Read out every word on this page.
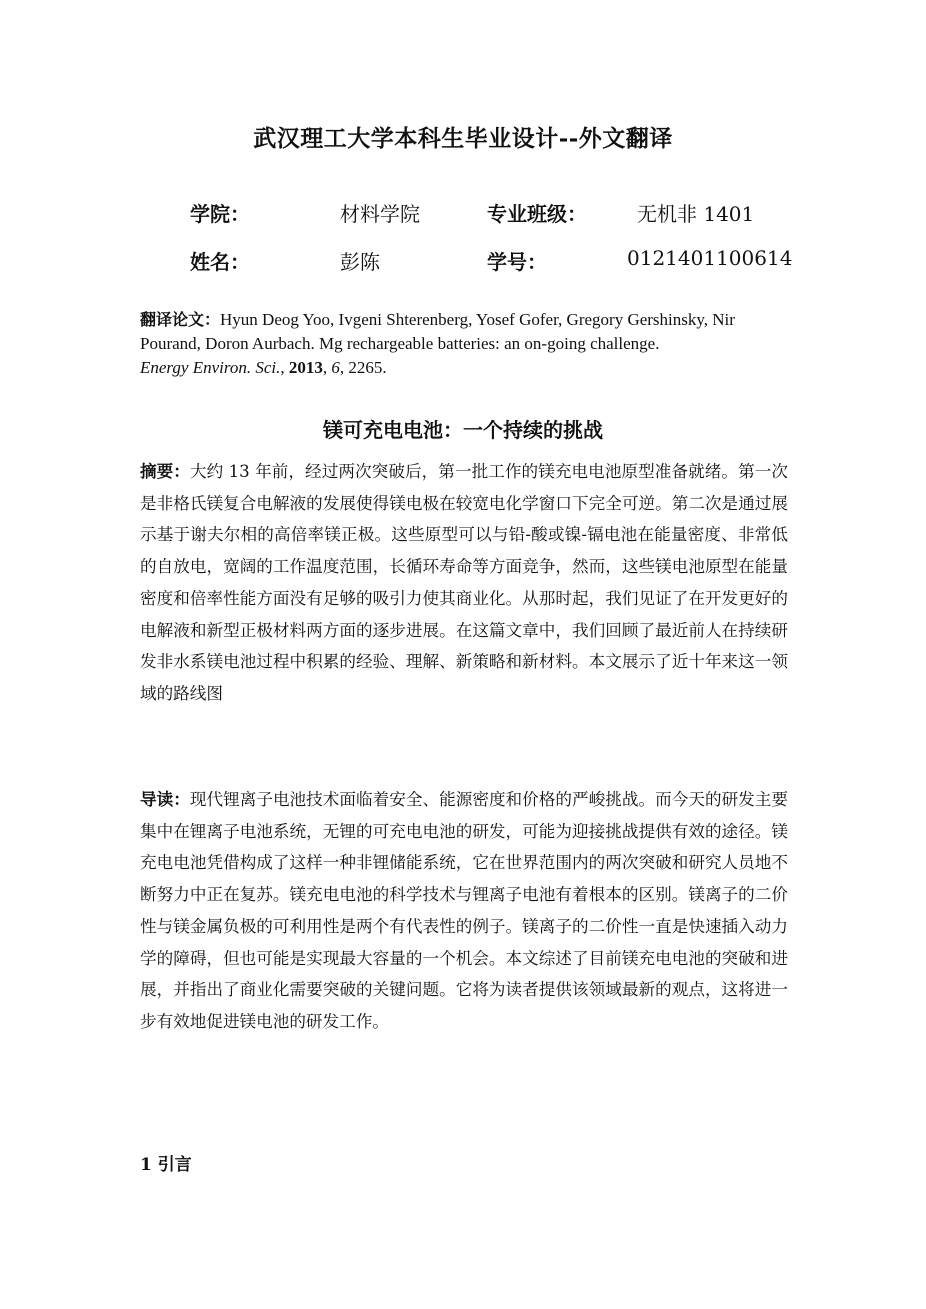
武汉理工大学本科生毕业设计--外文翻译
学院：	材料学院	专业班级：	无机非 1401
姓名：	彭陈	学号：	0121401100614
翻译论文：Hyun Deog Yoo, Ivgeni Shterenberg, Yosef Gofer, Gregory Gershinsky, Nir Pourand, Doron Aurbach. Mg rechargeable batteries: an on-going challenge.
Energy Environ. Sci., 2013, 6, 2265.
镁可充电电池：一个持续的挑战
摘要：大约 13 年前，经过两次突破后，第一批工作的镁充电电池原型准备就绪。第一次是非格氏镁复合电解液的发展使得镁电极在较宽电化学窗口下完全可逆。第二次是通过展示基于谢夫尔相的高倍率镁正极。这些原型可以与铅-酸或镍-镉电池在能量密度、非常低的自放电，宽阔的工作温度范围，长循环寿命等方面竞争，然而，这些镁电池原型在能量密度和倍率性能方面没有足够的吸引力使其商业化。从那时起，我们见证了在开发更好的电解液和新型正极材料两方面的逐步进展。在这篇文章中，我们回顾了最近前人在持续研发非水系镁电池过程中积累的经验、理解、新策略和新材料。本文展示了近十年来这一领域的路线图
导读：现代锂离子电池技术面临着安全、能源密度和价格的严峻挑战。而今天的研发主要集中在锂离子电池系统，无锂的可充电电池的研发，可能为迎接挑战提供有效的途径。镁充电电池凭借构成了这样一种非锂储能系统，它在世界范围内的两次突破和研究人员地不断努力中正在复苏。镁充电电池的科学技术与锂离子电池有着根本的区别。镁离子的二价性与镁金属负极的可利用性是两个有代表性的例子。镁离子的二价性一直是快速插入动力学的障碍，但也可能是实现最大容量的一个机会。本文综述了目前镁充电电池的突破和进展，并指出了商业化需要突破的关键问题。它将为读者提供该领域最新的观点，这将进一步有效地促进镁电池的研发工作。
1 引言
